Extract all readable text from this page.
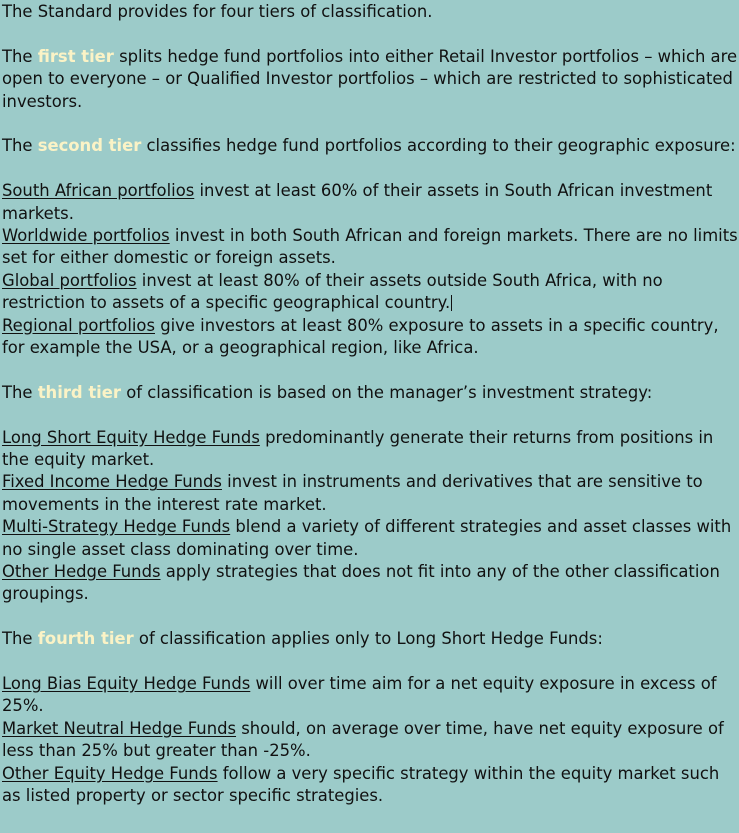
The Standard provides for four tiers of classification.

The first tier splits hedge fund portfolios into either Retail Investor portfolios – which are open to everyone – or Qualified Investor portfolios – which are restricted to sophisticated investors.

The second tier classifies hedge fund portfolios according to their geographic exposure:

South African portfolios invest at least 60% of their assets in South African investment markets.

Worldwide portfolios invest in both South African and foreign markets. There are no limits set for either domestic or foreign assets.

Global portfolios invest at least 80% of their assets outside South Africa, with no restriction to assets of a specific geographical country.

Regional portfolios give investors at least 80% exposure to assets in a specific country, for example the USA, or a geographical region, like Africa.

The third tier of classification is based on the manager’s investment strategy:

Long Short Equity Hedge Funds predominantly generate their returns from positions in the equity market.

Fixed Income Hedge Funds invest in instruments and derivatives that are sensitive to movements in the interest rate market.

Multi-Strategy Hedge Funds blend a variety of different strategies and asset classes with no single asset class dominating over time.

Other Hedge Funds apply strategies that does not fit into any of the other classification groupings.

The fourth tier of classification applies only to Long Short Hedge Funds:

Long Bias Equity Hedge Funds will over time aim for a net equity exposure in excess of 25%.

Market Neutral Hedge Funds should, on average over time, have net equity exposure of less than 25% but greater than -25%.

Other Equity Hedge Funds follow a very specific strategy within the equity market such as listed property or sector specific strategies.
